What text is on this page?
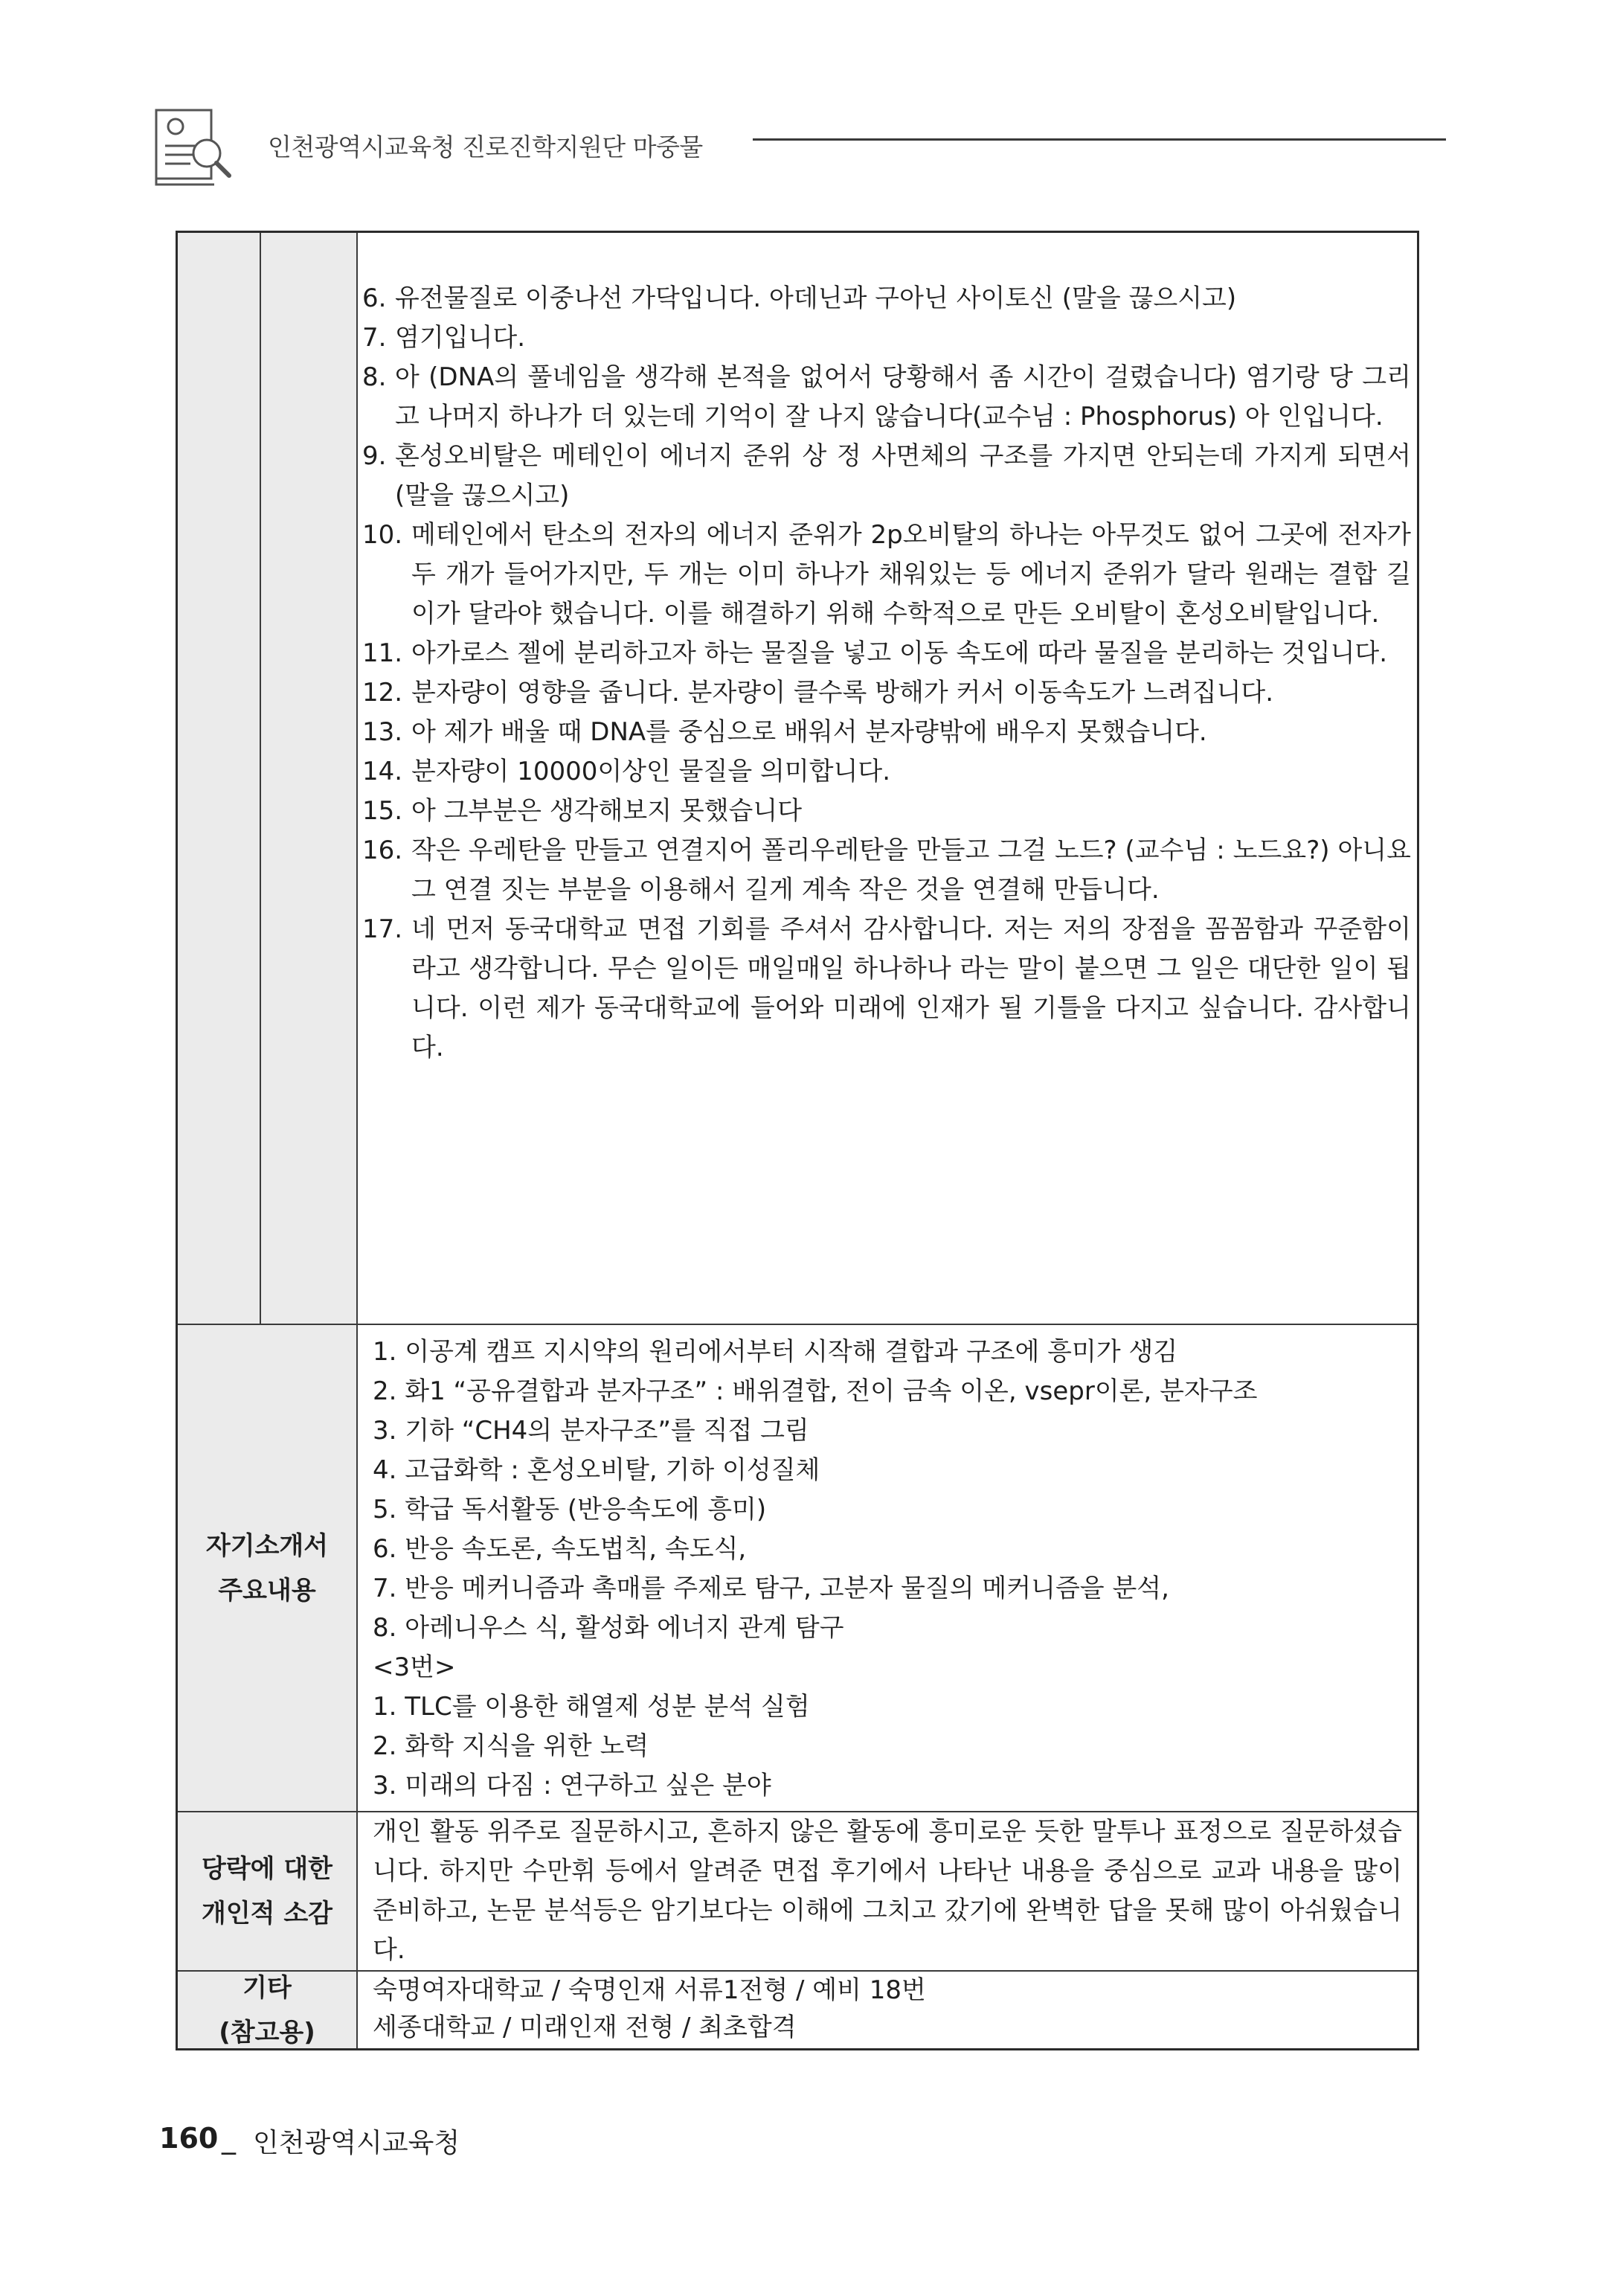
인천광역시교육청 진로진학지원단 마중물
6. 유전물질로 이중나선 가닥입니다. 아데닌과 구아닌 사이토신 (말을 끊으시고)
7. 염기입니다.
8. 아 (DNA의 풀네임을 생각해 본적을 없어서 당황해서 좀 시간이 걸렸습니다) 염기랑 당 그리고 나머지 하나가 더 있는데 기억이 잘 나지 않습니다(교수님 : Phosphorus) 아 인입니다.
9. 혼성오비탈은 메테인이 에너지 준위 상 정 사면체의 구조를 가지면 안되는데 가지게 되면서 (말을 끊으시고)
10. 메테인에서 탄소의 전자의 에너지 준위가 2p오비탈의 하나는 아무것도 없어 그곳에 전자가 두 개가 들어가지만, 두 개는 이미 하나가 채워있는 등 에너지 준위가 달라 원래는 결합 길이가 달라야 했습니다. 이를 해결하기 위해 수학적으로 만든 오비탈이 혼성오비탈입니다.
11. 아가로스 젤에 분리하고자 하는 물질을 넣고 이동 속도에 따라 물질을 분리하는 것입니다.
12. 분자량이 영향을 줍니다. 분자량이 클수록 방해가 커서 이동속도가 느려집니다.
13. 아 제가 배울 때 DNA를 중심으로 배워서 분자량밖에 배우지 못했습니다.
14. 분자량이 10000이상인 물질을 의미합니다.
15. 아 그부분은 생각해보지 못했습니다
16. 작은 우레탄을 만들고 연결지어 폴리우레탄을 만들고 그걸 노드? (교수님 : 노드요?) 아니요 그 연결 짓는 부분을 이용해서 길게 계속 작은 것을 연결해 만듭니다.
17. 네 먼저 동국대학교 면접 기회를 주셔서 감사합니다. 저는 저의 장점을 꼼꼼함과 꾸준함이라고 생각합니다. 무슨 일이든 매일매일 하나하나 라는 말이 붙으면 그 일은 대단한 일이 됩니다. 이런 제가 동국대학교에 들어와 미래에 인재가 될 기틀을 다지고 싶습니다. 감사합니다.
자기소개서
주요내용
1. 이공계 캠프 지시약의 원리에서부터 시작해 결합과 구조에 흥미가 생김
2. 화1 “공유결합과 분자구조” : 배위결합, 전이 금속 이온, vsepr이론, 분자구조
3. 기하 “CH4의 분자구조”를 직접 그림
4. 고급화학 : 혼성오비탈, 기하 이성질체
5. 학급 독서활동 (반응속도에 흥미)
6. 반응 속도론, 속도법칙, 속도식,
7. 반응 메커니즘과 촉매를 주제로 탐구, 고분자 물질의 메커니즘을 분석,
8. 아레니우스 식, 활성화 에너지 관계 탐구
<3번>
1. TLC를 이용한 해열제 성분 분석 실험
2. 화학 지식을 위한 노력
3. 미래의 다짐 : 연구하고 싶은 분야
당락에 대한
개인적 소감
개인 활동 위주로 질문하시고, 흔하지 않은 활동에 흥미로운 듯한 말투나 표정으로 질문하셨습니다. 하지만 수만휘 등에서 알려준 면접 후기에서 나타난 내용을 중심으로 교과 내용을 많이 준비하고, 논문 분석등은 암기보다는 이해에 그치고 갔기에 완벽한 답을 못해 많이 아쉬웠습니다.
기타
(참고용)
숙명여자대학교 / 숙명인재 서류1전형 / 예비 18번
세종대학교 / 미래인재 전형 / 최초합격
160 _ 인천광역시교육청
